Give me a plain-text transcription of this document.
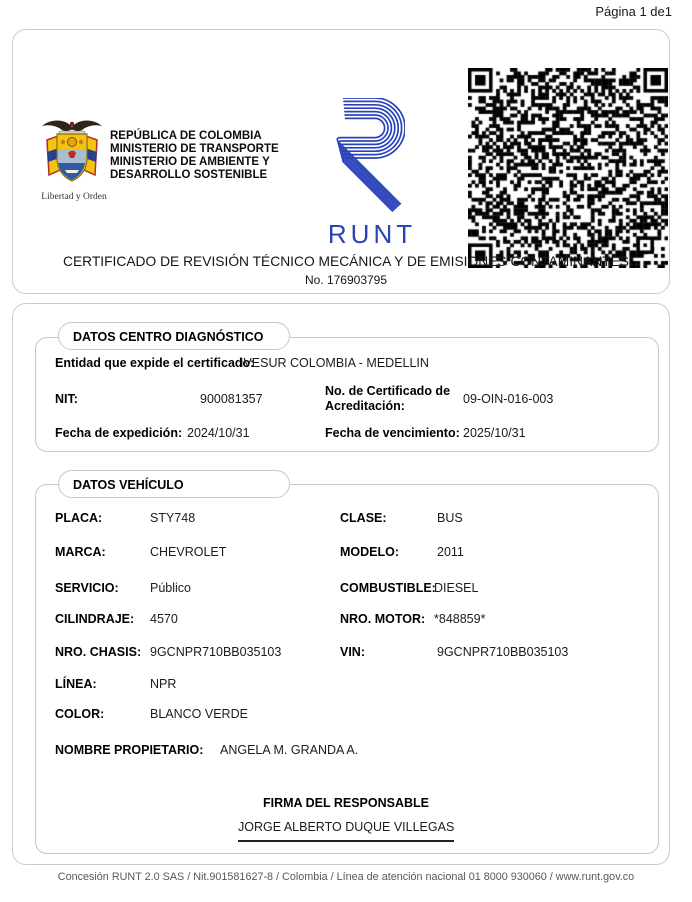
Página 1 de1
Libertad y Orden
REPÚBLICA DE COLOMBIA
MINISTERIO DE TRANSPORTE
MINISTERIO DE AMBIENTE Y
DESARROLLO SOSTENIBLE
RUNT
CERTIFICADO DE REVISIÓN TÉCNICO MECÁNICA Y DE EMISIONES CONTAMINANTES
No. 176903795
DATOS CENTRO DIAGNÓSTICO
Entidad que expide el certificado:
IVESUR COLOMBIA - MEDELLIN
NIT:	900081357
No. de Certificado de Acreditación:	09-OIN-016-003
Fecha de expedición: 2024/10/31	Fecha de vencimiento: 2025/10/31
DATOS VEHÍCULO
PLACA:	STY748	CLASE:	BUS
MARCA:	CHEVROLET	MODELO:	2011
SERVICIO:	Público	COMBUSTIBLE:
DIESEL
CILINDRAJE: 4570	NRO. MOTOR: *848859*
NRO. CHASIS: 9GCNPR710BB035103	VIN:	9GCNPR710BB035103
LÍNEA:	NPR
COLOR:	BLANCO VERDE
NOMBRE PROPIETARIO: ANGELA M. GRANDA A.
FIRMA DEL RESPONSABLE
JORGE ALBERTO DUQUE VILLEGAS
Concesión RUNT 2.0 SAS / Nit.901581627-8 / Colombia / Línea de atención nacional 01 8000 930060 / www.runt.gov.co
